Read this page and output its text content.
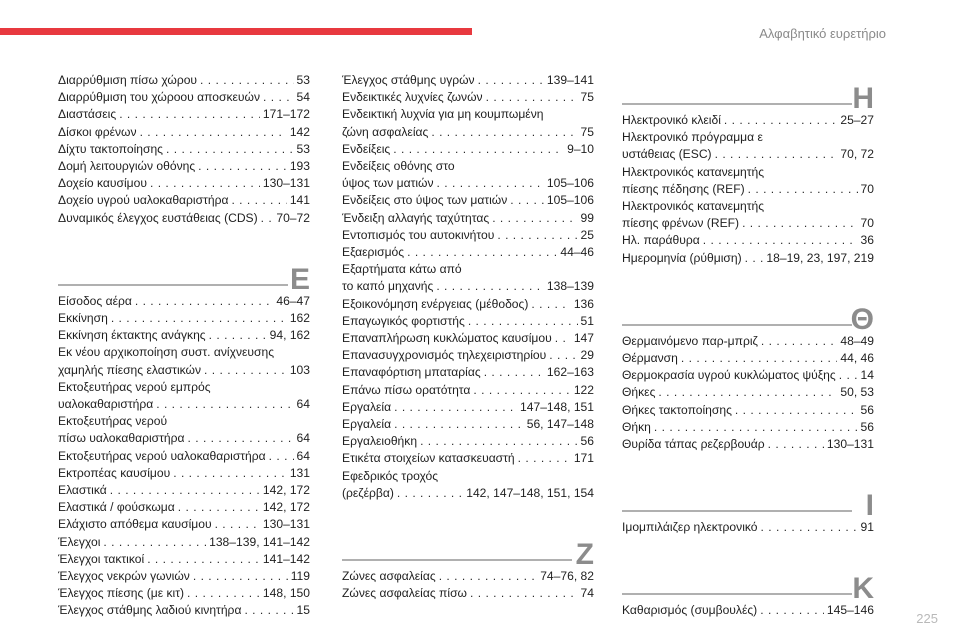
Αλφαβητικό ευρετήριο
Διαρρύθμιση πίσω χώρου . . .	53
Διαρρύθμιση του χώροου αποσκευών . . .	54
Διαστάσεις . . .	171–172
Δίσκοι φρένων . . .	142
Δίχτυ τακτοποίησης . . .	53
Δομή λειτουργιών οθόνης . . .	193
Δοχείο καυσίμου . . .	130–131
Δοχείο υγρού υαλοκαθαριστήρα . . .	141
Δυναμικός έλεγχος ευστάθειας (CDS) . . . 70–72
Ε
Είσοδος αέρα . . .	46–47
Εκκίνηση . . .	162
Εκκίνηση έκτακτης ανάγκης . . .	94, 162
Εκ νέου αρχικοποίηση συστ. ανίχνευσης
χαμηλής πίεσης ελαστικών . . .	103
Εκτοξευτήρας νερού εμπρός
υαλοκαθαριστήρα . . .	64
Εκτοξευτήρας νερού
πίσω υαλοκαθαριστήρα . . .	64
Εκτοξευτήρας νερού υαλοκαθαριστήρα . . .	64
Εκτροπέας καυσίμου . . .	131
Ελαστικά . . .	142, 172
Ελαστικά / φούσκωμα . . .	142, 172
Ελάχιστο απόθεμα καυσίμου . . .	130–131
Έλεγχοι . . .	138–139, 141–142
Έλεγχοι τακτικοί . . .	141–142
Έλεγχος νεκρών γωνιών . . .	119
Έλεγχος πίεσης (με κιτ) . . .	148, 150
Έλεγχος στάθμης λαδιού κινητήρα . . .	15
Έλεγχος στάθμης υγρών . . .	139–141
Ενδεικτικές λυχνίες ζωνών . . .	75
Ενδεικτική λυχνία για μη κουμπωμένη
ζώνη ασφαλείας . . .	75
Ενδείξεις . . .	9–10
Ενδείξεις οθόνης στο
ύψος των ματιών . . .	105–106
Ενδείξεις στο ύψος των ματιών . . .	105–106
Ένδειξη αλλαγής ταχύτητας . . .	99
Εντοπισμός του αυτοκινήτου . . .	25
Εξαερισμός . . .	44–46
Εξαρτήματα κάτω από
το καπό μηχανής . . .	138–139
Εξοικονόμηση ενέργειας (μέθοδος) . . .	136
Επαγωγικός φορτιστής . . .	51
Επαναπλήρωση κυκλώματος καυσίμου . . . 147
Επανασυγχρονισμός τηλεχειριστηρίου . . .	29
Επαναφόρτιση μπαταρίας . . .	162–163
Επάνω πίσω ορατότητα . . .	122
Εργαλεία . . .	147–148, 151
Εργαλεία . . .	56, 147–148
Εργαλειοθήκη . . .	56
Ετικέτα στοιχείων κατασκευαστή . . .	171
Εφεδρικός τροχός
(ρεζέρβα) . . .	142, 147–148, 151, 154
Z
Ζώνες ασφαλείας . . .	74–76, 82
Ζώνες ασφαλείας πίσω . . .	74
H
Ηλεκτρονικό κλειδί . . .	25–27
Ηλεκτρονικό πρόγραμμα ε
υστάθειας (ESC) . . .	70, 72
Ηλεκτρονικός κατανεμητής
πίεσης πέδησης (REF) . . .	70
Ηλεκτρονικός κατανεμητής
πίεσης φρένων (REF) . . .	70
Ηλ. παράθυρα . . .	36
Ημερομηνία (ρύθμιση) . . . 18–19, 23, 197, 219
Θ
Θερμαινόμενο παρ-μπριζ . . .	48–49
Θέρμανση . . .	44, 46
Θερμοκρασία υγρού κυκλώματος ψύξης . . . 14
Θήκες . . .	50, 53
Θήκες τακτοποίησης . . .	56
Θήκη . . .	56
Θυρίδα τάπας ρεζερβουάρ . . .	130–131
I
Ιμομπιλάιζερ ηλεκτρονικό . . .	91
K
Καθαρισμός (συμβουλές) . . .	145–146
225
